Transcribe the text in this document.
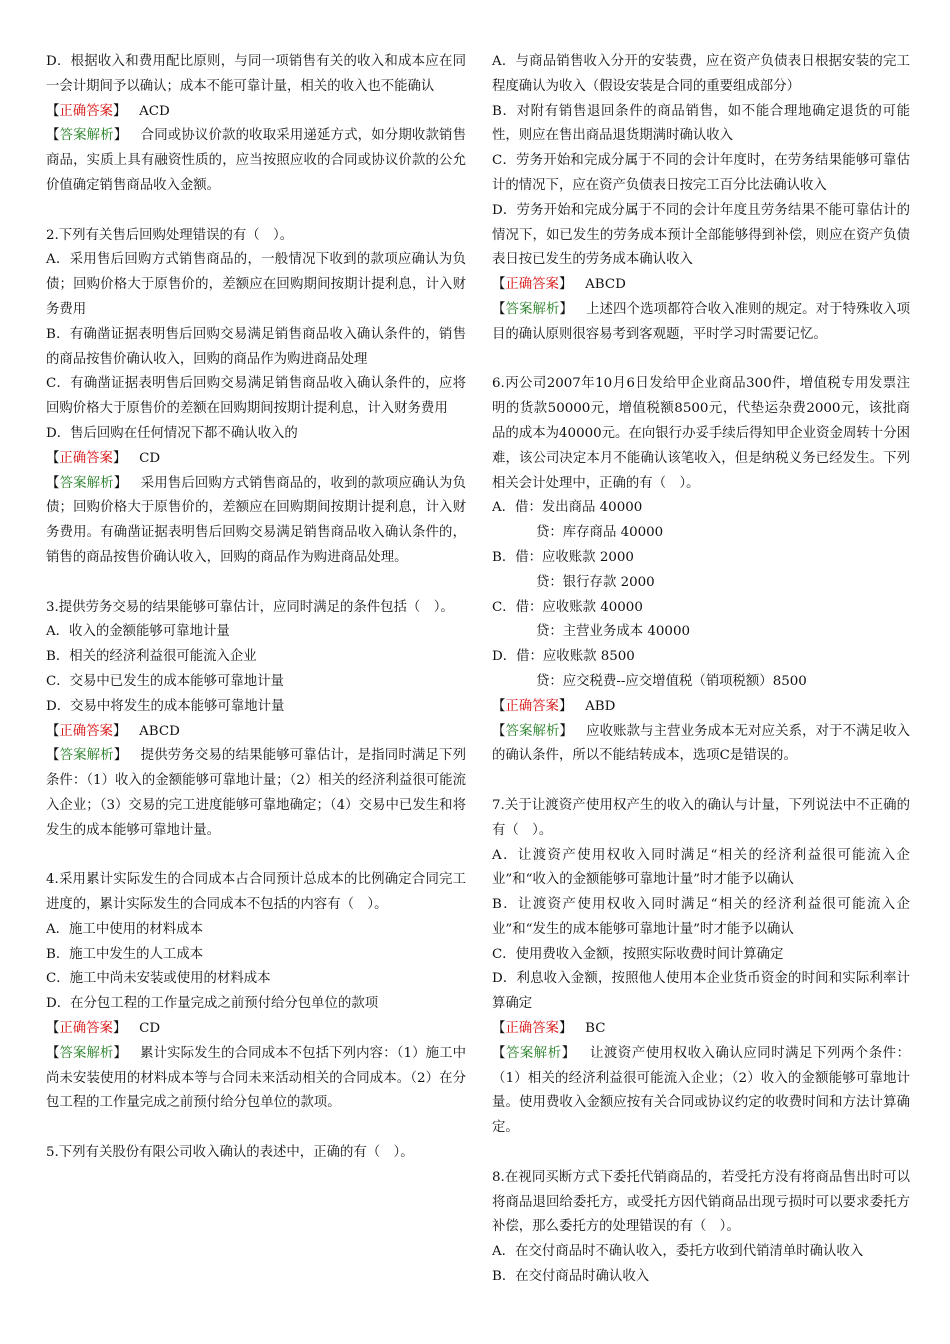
D．根据收入和费用配比原则，与同一项销售有关的收入和成本应在同一会计期间予以确认；成本不能可靠计量，相关的收入也不能确认

【正确答案】 ACD

【答案解析】 合同或协议价款的收取采用递延方式，如分期收款销售商品，实质上具有融资性质的，应当按照应收的合同或协议价款的公允价值确定销售商品收入金额。

2.下列有关售后回购处理错误的有（　）。

A．采用售后回购方式销售商品的，一般情况下收到的款项应确认为负债；回购价格大于原售价的，差额应在回购期间按期计提利息，计入财务费用

B．有确凿证据表明售后回购交易满足销售商品收入确认条件的，销售的商品按售价确认收入，回购的商品作为购进商品处理

C．有确凿证据表明售后回购交易满足销售商品收入确认条件的，应将回购价格大于原售价的差额在回购期间按期计提利息，计入财务费用

D．售后回购在任何情况下都不确认收入的

【正确答案】 CD

【答案解析】 采用售后回购方式销售商品的，收到的款项应确认为负债；回购价格大于原售价的，差额应在回购期间按期计提利息，计入财务费用。有确凿证据表明售后回购交易满足销售商品收入确认条件的，销售的商品按售价确认收入，回购的商品作为购进商品处理。

3.提供劳务交易的结果能够可靠估计，应同时满足的条件包括（　）。

A．收入的金额能够可靠地计量

B．相关的经济利益很可能流入企业

C．交易中已发生的成本能够可靠地计量

D．交易中将发生的成本能够可靠地计量

【正确答案】 ABCD

【答案解析】 提供劳务交易的结果能够可靠估计，是指同时满足下列条件：（1）收入的金额能够可靠地计量；（2）相关的经济利益很可能流入企业；（3）交易的完工进度能够可靠地确定；（4）交易中已发生和将发生的成本能够可靠地计量。

4.采用累计实际发生的合同成本占合同预计总成本的比例确定合同完工进度的，累计实际发生的合同成本不包括的内容有（　）。

A．施工中使用的材料成本

B．施工中发生的人工成本

C．施工中尚未安装或使用的材料成本

D．在分包工程的工作量完成之前预付给分包单位的款项

【正确答案】 CD

【答案解析】 累计实际发生的合同成本不包括下列内容：（1）施工中尚未安装使用的材料成本等与合同未来活动相关的合同成本。（2）在分包工程的工作量完成之前预付给分包单位的款项。

5.下列有关股份有限公司收入确认的表述中，正确的有（　）。

A．与商品销售收入分开的安装费，应在资产负债表日根据安装的完工程度确认为收入（假设安装是合同的重要组成部分）

B．对附有销售退回条件的商品销售，如不能合理地确定退货的可能性，则应在售出商品退货期满时确认收入

C．劳务开始和完成分属于不同的会计年度时，在劳务结果能够可靠估计的情况下，应在资产负债表日按完工百分比法确认收入

D．劳务开始和完成分属于不同的会计年度且劳务结果不能可靠估计的情况下，如已发生的劳务成本预计全部能够得到补偿，则应在资产负债表日按已发生的劳务成本确认收入

【正确答案】 ABCD

【答案解析】 上述四个选项都符合收入准则的规定。对于特殊收入项目的确认原则很容易考到客观题，平时学习时需要记忆。

6.丙公司2007年10月6日发给甲企业商品300件，增值税专用发票注明的货款50000元，增值税额8500元，代垫运杂费2000元，该批商品的成本为40000元。在向银行办妥手续后得知甲企业资金周转十分困难，该公司决定本月不能确认该笔收入，但是纳税义务已经发生。下列相关会计处理中，正确的有（　）。

A．借：发出商品 40000

贷：库存商品 40000

B．借：应收账款 2000

贷：银行存款 2000

C．借：应收账款 40000

贷：主营业务成本 40000

D．借：应收账款 8500

贷：应交税费--应交增值税（销项税额）8500

【正确答案】 ABD

【答案解析】 应收账款与主营业务成本无对应关系，对于不满足收入的确认条件，所以不能结转成本，选项C是错误的。

7.关于让渡资产使用权产生的收入的确认与计量，下列说法中不正确的有（　）。

A．让渡资产使用权收入同时满足“相关的经济利益很可能流入企业”和“收入的金额能够可靠地计量”时才能予以确认

B．让渡资产使用权收入同时满足“相关的经济利益很可能流入企业”和“发生的成本能够可靠地计量”时才能予以确认

C．使用费收入金额，按照实际收费时间计算确定

D．利息收入金额，按照他人使用本企业货币资金的时间和实际利率计算确定

【正确答案】 BC

【答案解析】 让渡资产使用权收入确认应同时满足下列两个条件：（1）相关的经济利益很可能流入企业；（2）收入的金额能够可靠地计量。使用费收入金额应按有关合同或协议约定的收费时间和方法计算确定。

8.在视同买断方式下委托代销商品的，若受托方没有将商品售出时可以将商品退回给委托方，或受托方因代销商品出现亏损时可以要求委托方补偿，那么委托方的处理错误的有（　）。

A．在交付商品时不确认收入，委托方收到代销清单时确认收入

B．在交付商品时确认收入
